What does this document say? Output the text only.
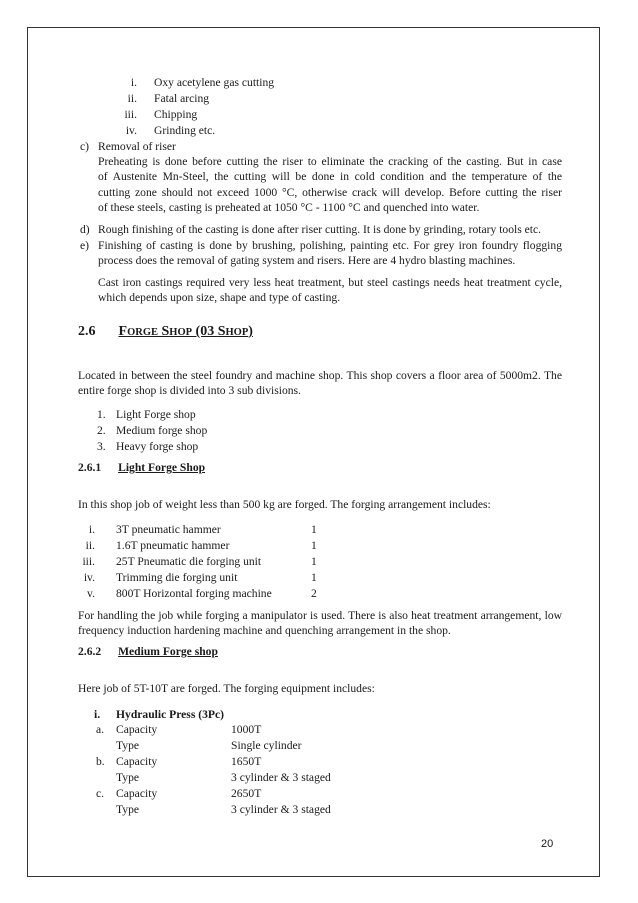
i. Oxy acetylene gas cutting
ii. Fatal arcing
iii. Chipping
iv. Grinding etc.
c) Removal of riser
Preheating is done before cutting the riser to eliminate the cracking of the casting. But in case
of Austenite Mn-Steel, the cutting will be done in cold condition and the temperature of the
cutting zone should not exceed 1000 °C, otherwise crack will develop. Before cutting the riser
of these steels, casting is preheated at 1050 °C - 1100 °C and quenched into water.
d) Rough finishing of the casting is done after riser cutting. It is done by grinding, rotary tools etc.
e) Finishing of casting is done by brushing, polishing, painting etc. For grey iron foundry flogging
process does the removal of gating system and risers. Here are 4 hydro blasting machines.
Cast iron castings required very less heat treatment, but steel castings needs heat treatment cycle,
which depends upon size, shape and type of casting.
2.6 FORGE SHOP (03 SHOP)
Located in between the steel foundry and machine shop. This shop covers a floor area of 5000m2. The
entire forge shop is divided into 3 sub divisions.
1. Light Forge shop
2. Medium forge shop
3. Heavy forge shop
2.6.1 Light Forge Shop
In this shop job of weight less than 500 kg are forged. The forging arrangement includes:
i. 3T pneumatic hammer	1
ii. 1.6T pneumatic hammer	1
iii. 25T Pneumatic die forging unit	1
iv. Trimming die forging unit	1
v. 800T Horizontal forging machine	2
For handling the job while forging a manipulator is used. There is also heat treatment arrangement, low
frequency induction hardening machine and quenching arrangement in the shop.
2.6.2 Medium Forge shop
Here job of 5T-10T are forged. The forging equipment includes:
i. Hydraulic Press (3Pc)
a. Capacity	1000T
Type	Single cylinder
b. Capacity	1650T
Type	3 cylinder & 3 staged
c. Capacity	2650T
Type	3 cylinder & 3 staged
20
